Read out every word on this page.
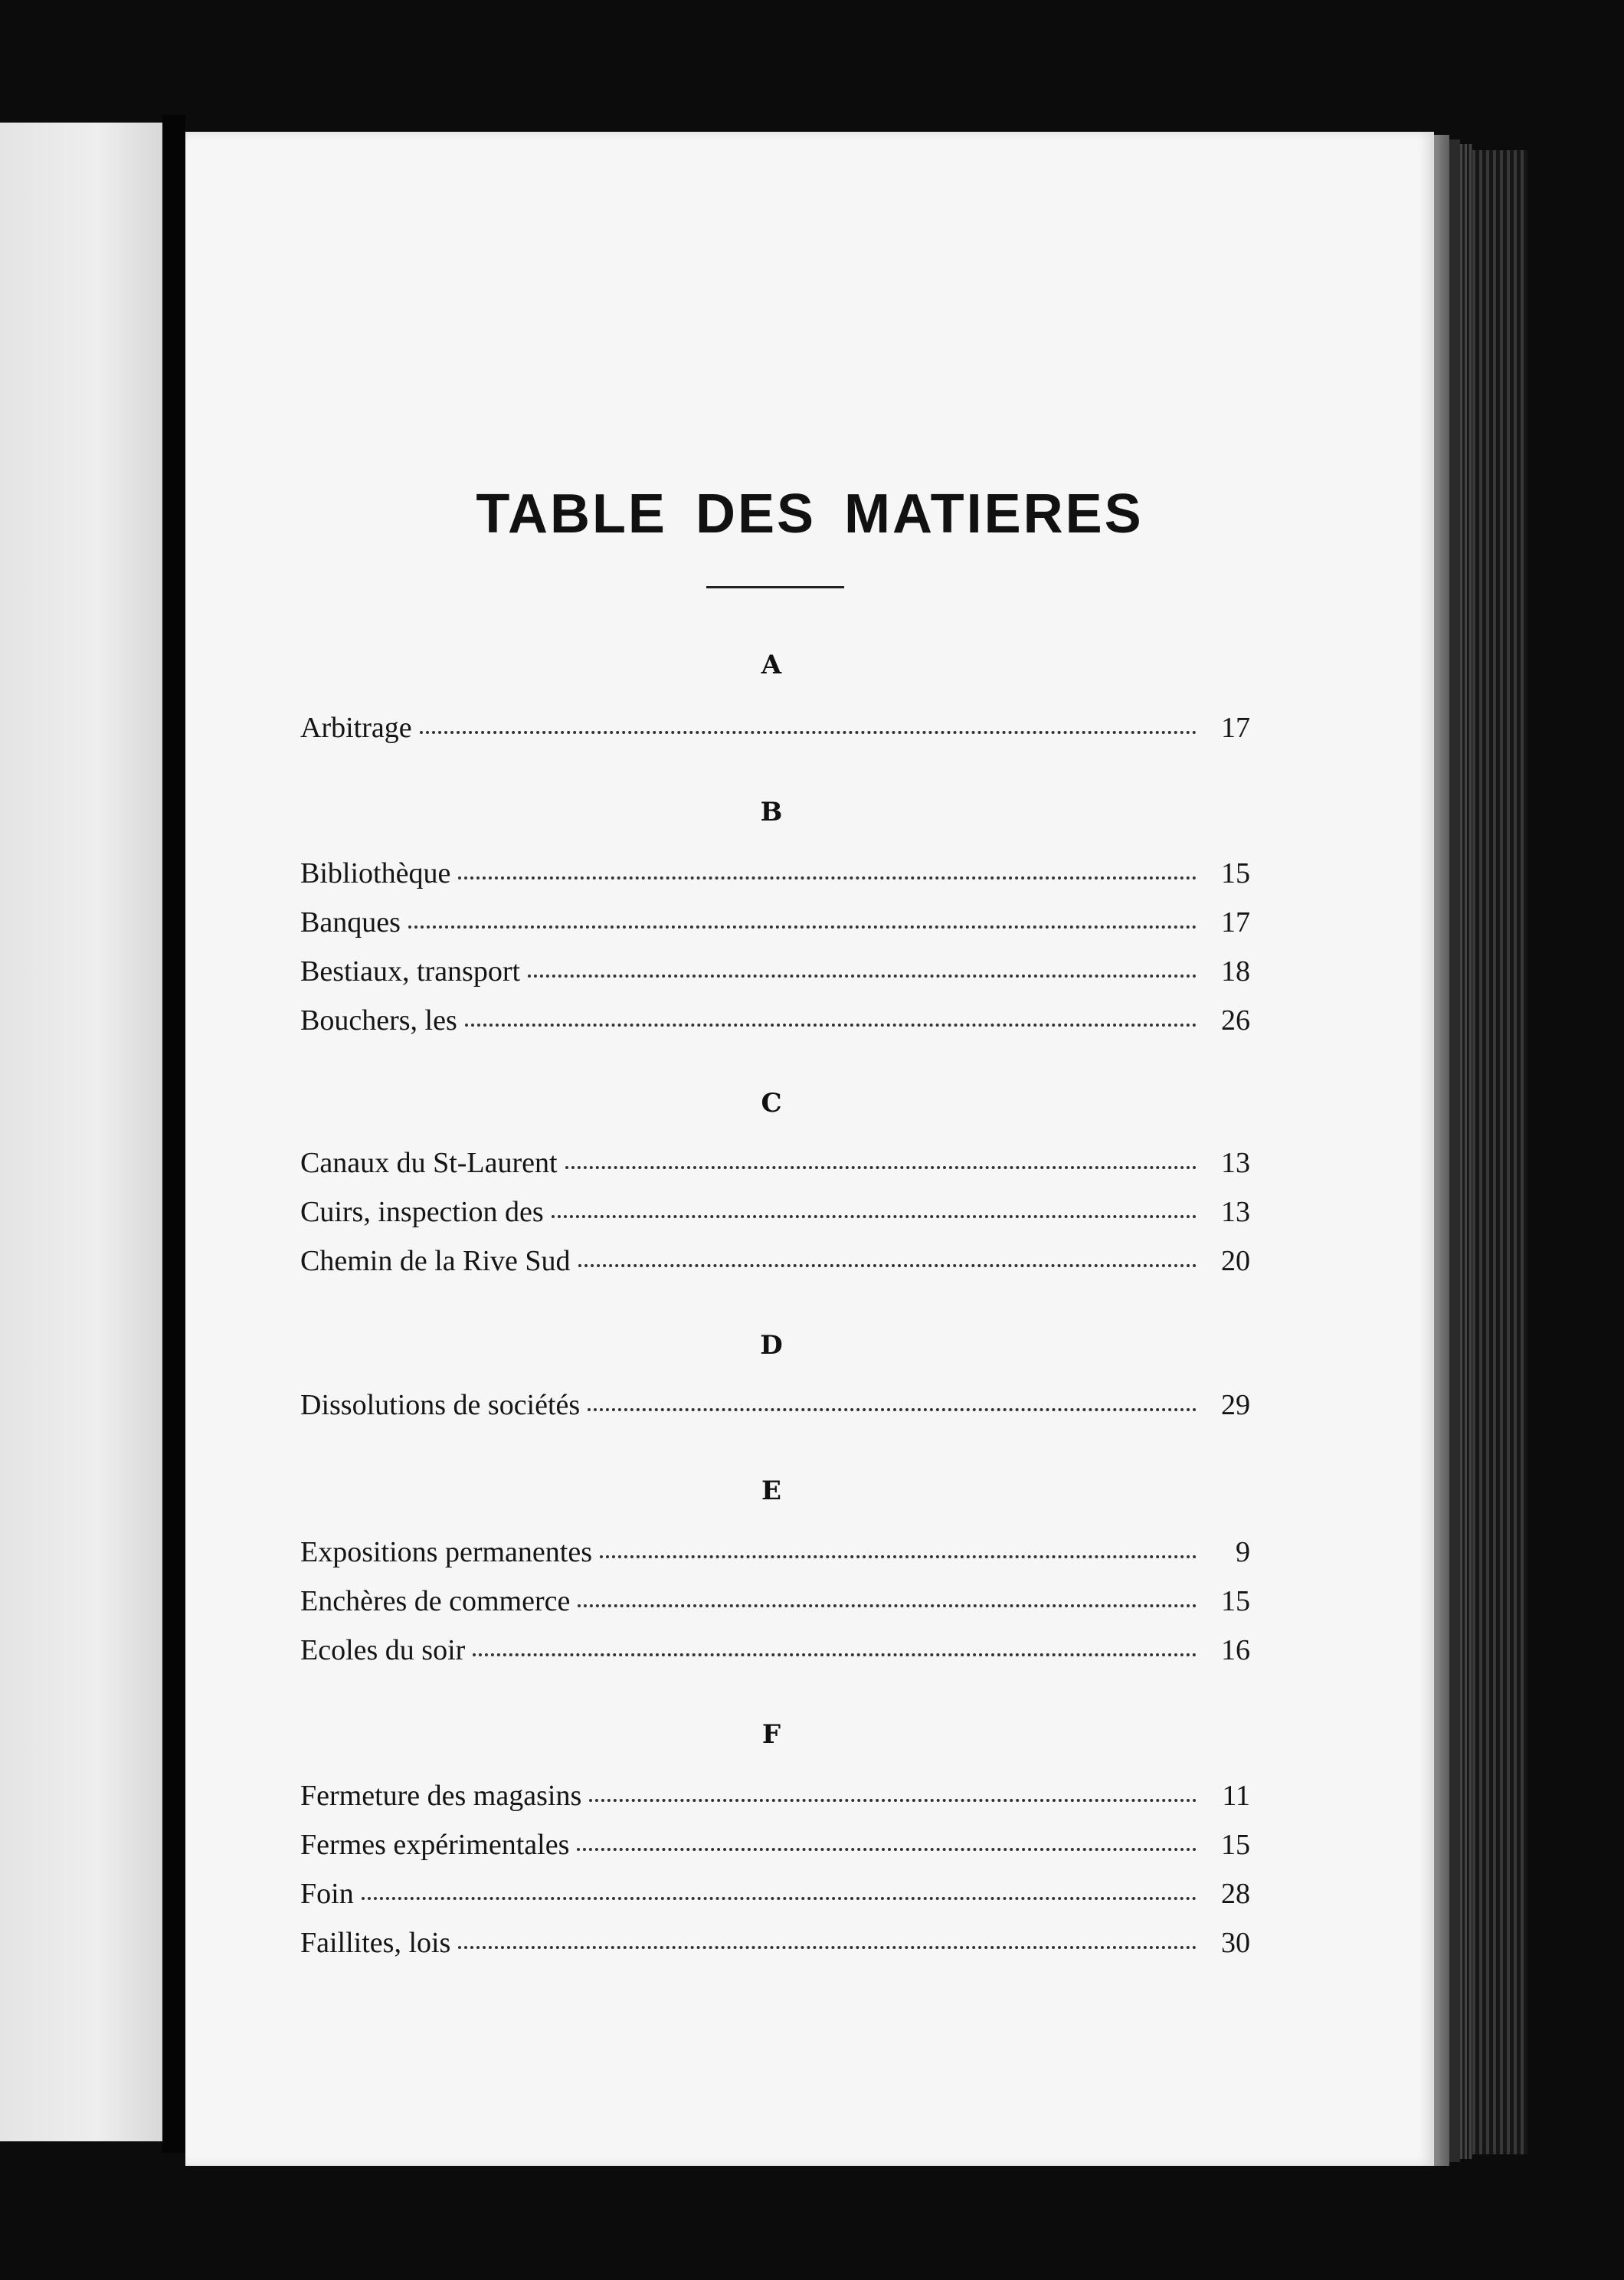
TABLE DES MATIERES
A
Arbitrage	17
B
Bibliothèque	15
Banques	17
Bestiaux, transport	18
Bouchers, les	26
C
Canaux du St-Laurent	13
Cuirs, inspection des	13
Chemin de la Rive Sud	20
D
Dissolutions de sociétés	29
E
Expositions permanentes	9
Enchères de commerce	15
Ecoles du soir	16
F
Fermeture des magasins	11
Fermes expérimentales	15
Foin	28
Faillites, lois	30
